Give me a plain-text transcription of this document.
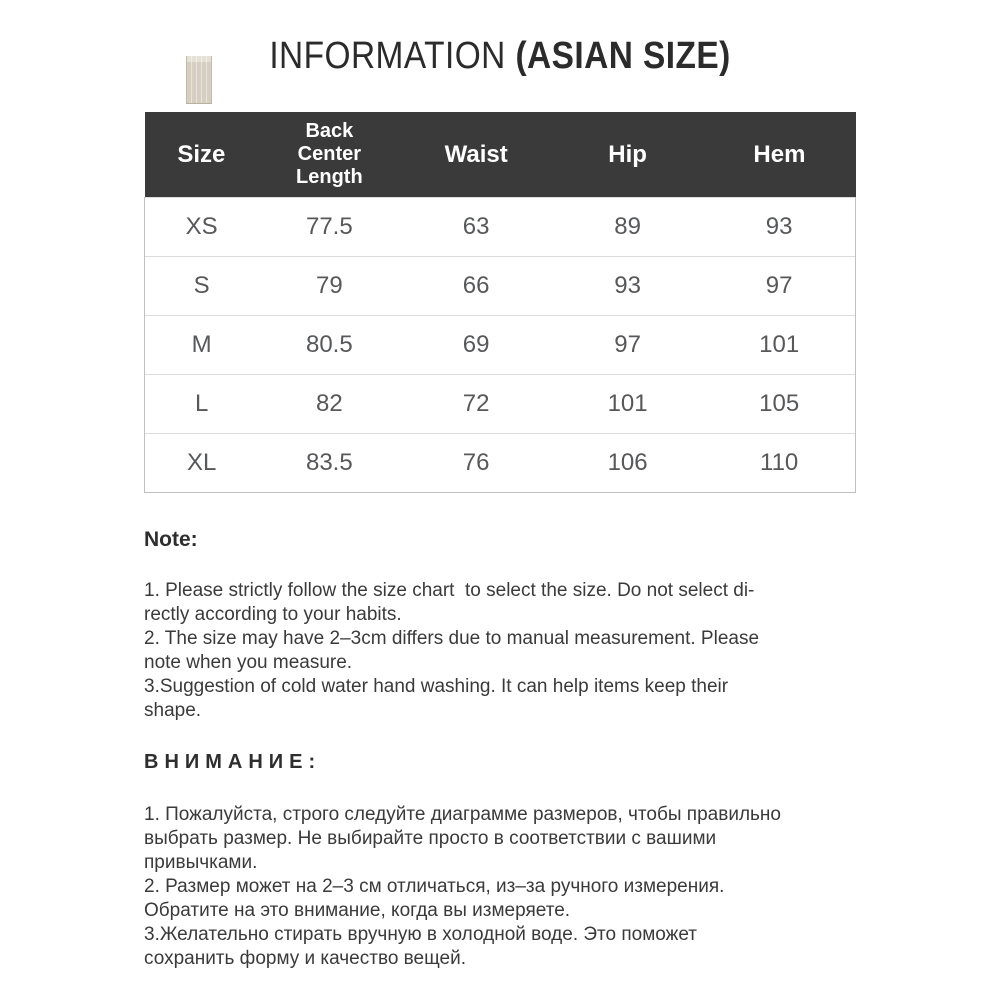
INFORMATION (ASIAN SIZE)
Size	Back Center Length	Waist	Hip	Hem
XS	77.5	63	89	93
S	79	66	93	97
M	80.5	69	97	101
L	82	72	101	105
XL	83.5	76	106	110
Note:
1. Please strictly follow the size chart  to select the size. Do not select di-
rectly according to your habits.
2. The size may have 2–3cm differs due to manual measurement. Please
note when you measure.
3.Suggestion of cold water hand washing. It can help items keep their
shape.
ВНИМАНИЕ:
1. Пожалуйста, строго следуйте диаграмме размеров, чтобы правильно
выбрать размер. Не выбирайте просто в соответствии с вашими
привычками.
2. Размер может на 2–3 см отличаться, из–за ручного измерения.
Обратите на это внимание, когда вы измеряете.
3.Желательно стирать вручную в холодной воде. Это поможет
сохранить форму и качество вещей.
